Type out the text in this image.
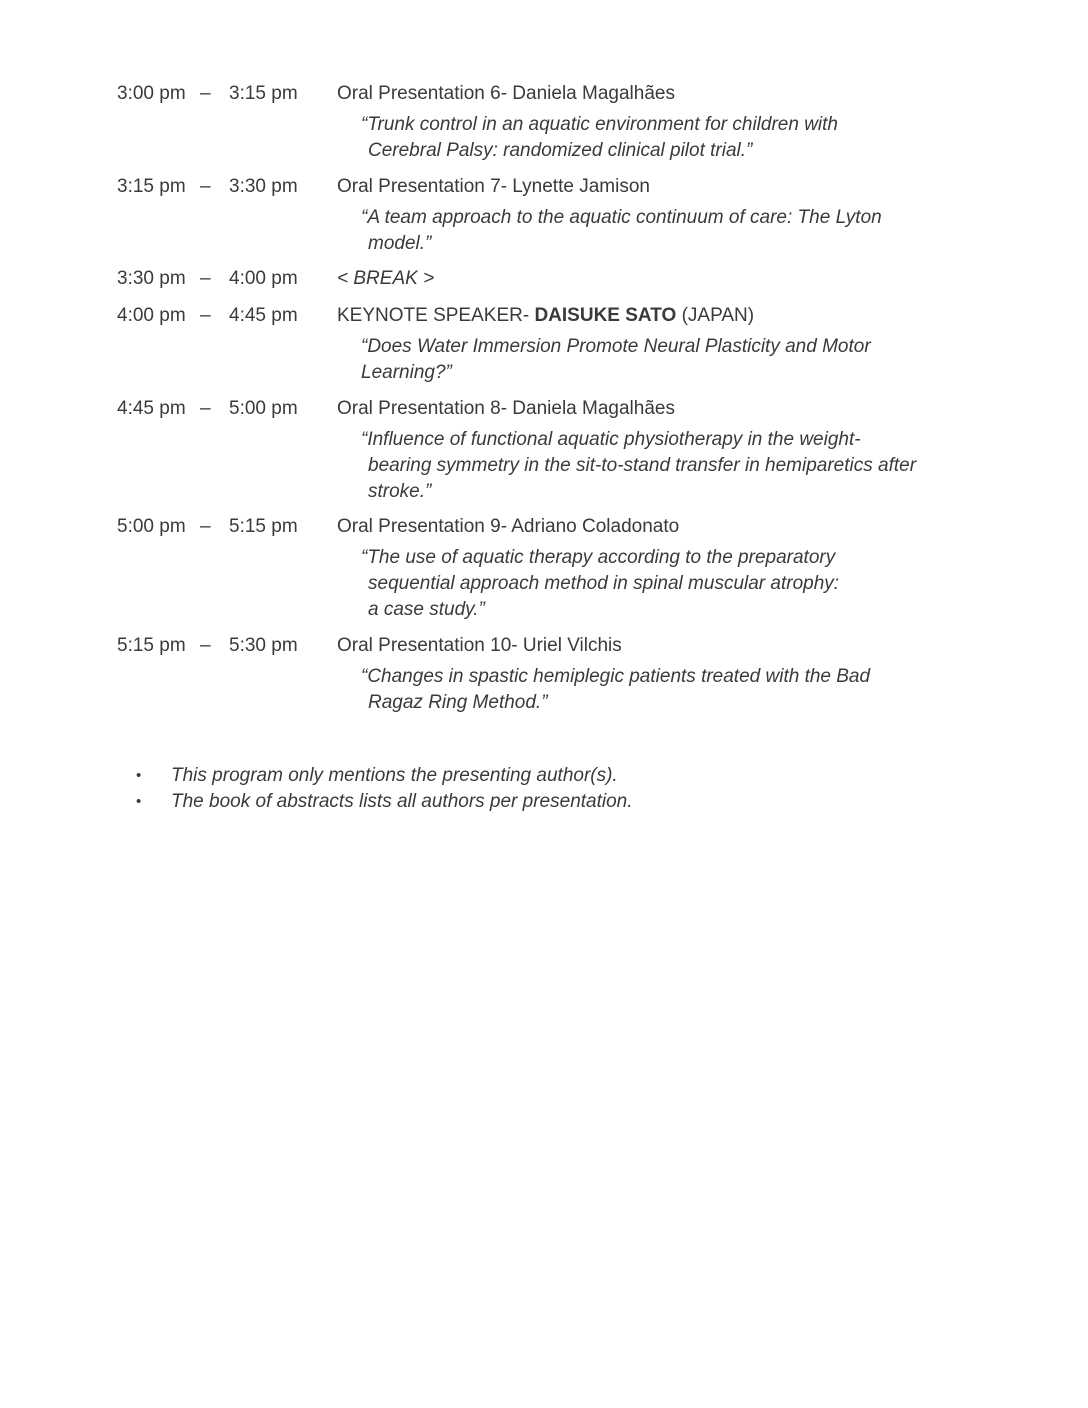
3:00 pm – 3:15 pm Oral Presentation 6- Daniela Magalhães
“Trunk control in an aquatic environment for children with
Cerebral Palsy: randomized clinical pilot trial.”
3:15 pm – 3:30 pm Oral Presentation 7- Lynette Jamison
“A team approach to the aquatic continuum of care: The Lyton
model.”
3:30 pm – 4:00 pm < BREAK >
4:00 pm – 4:45 pm KEYNOTE SPEAKER- DAISUKE SATO (JAPAN)
“Does Water Immersion Promote Neural Plasticity and Motor
Learning?”
4:45 pm – 5:00 pm Oral Presentation 8- Daniela Magalhães
“Influence of functional aquatic physiotherapy in the weight-
bearing symmetry in the sit-to-stand transfer in hemiparetics after
stroke.”
5:00 pm – 5:15 pm Oral Presentation 9- Adriano Coladonato
“The use of aquatic therapy according to the preparatory
sequential approach method in spinal muscular atrophy:
a case study.”
5:15 pm – 5:30 pm Oral Presentation 10- Uriel Vilchis
“Changes in spastic hemiplegic patients treated with the Bad
Ragaz Ring Method.”
• This program only mentions the presenting author(s).
• The book of abstracts lists all authors per presentation.
